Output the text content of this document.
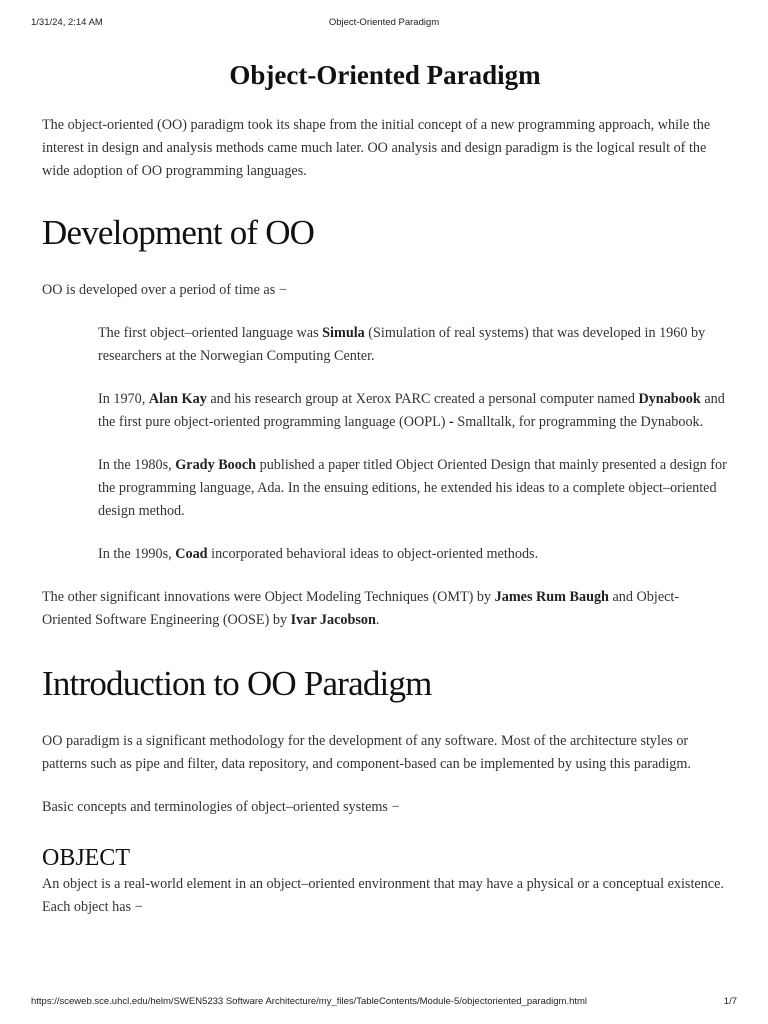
1/31/24, 2:14 AM	Object-Oriented Paradigm
Object-Oriented Paradigm

The object-oriented (OO) paradigm took its shape from the initial concept of a new programming approach, while the interest in design and analysis methods came much later. OO analysis and design paradigm is the logical result of the wide adoption of OO programming languages.

Development of OO

OO is developed over a period of time as −

The first object–oriented language was Simula (Simulation of real systems) that was developed in 1960 by researchers at the Norwegian Computing Center.

In 1970, Alan Kay and his research group at Xerox PARC created a personal computer named Dynabook and the first pure object-oriented programming language (OOPL) - Smalltalk, for programming the Dynabook.

In the 1980s, Grady Booch published a paper titled Object Oriented Design that mainly presented a design for the programming language, Ada. In the ensuing editions, he extended his ideas to a complete object–oriented design method.

In the 1990s, Coad incorporated behavioral ideas to object-oriented methods.

The other significant innovations were Object Modeling Techniques (OMT) by James Rum Baugh and Object-Oriented Software Engineering (OOSE) by Ivar Jacobson.

Introduction to OO Paradigm

OO paradigm is a significant methodology for the development of any software. Most of the architecture styles or patterns such as pipe and filter, data repository, and component-based can be implemented by using this paradigm.

Basic concepts and terminologies of object–oriented systems −

OBJECT

An object is a real-world element in an object–oriented environment that may have a physical or a conceptual existence. Each object has −

https://sceweb.sce.uhcl.edu/helm/SWEN5233 Software Architecture/my_files/TableContents/Module-5/objectoriented_paradigm.html	1/7
